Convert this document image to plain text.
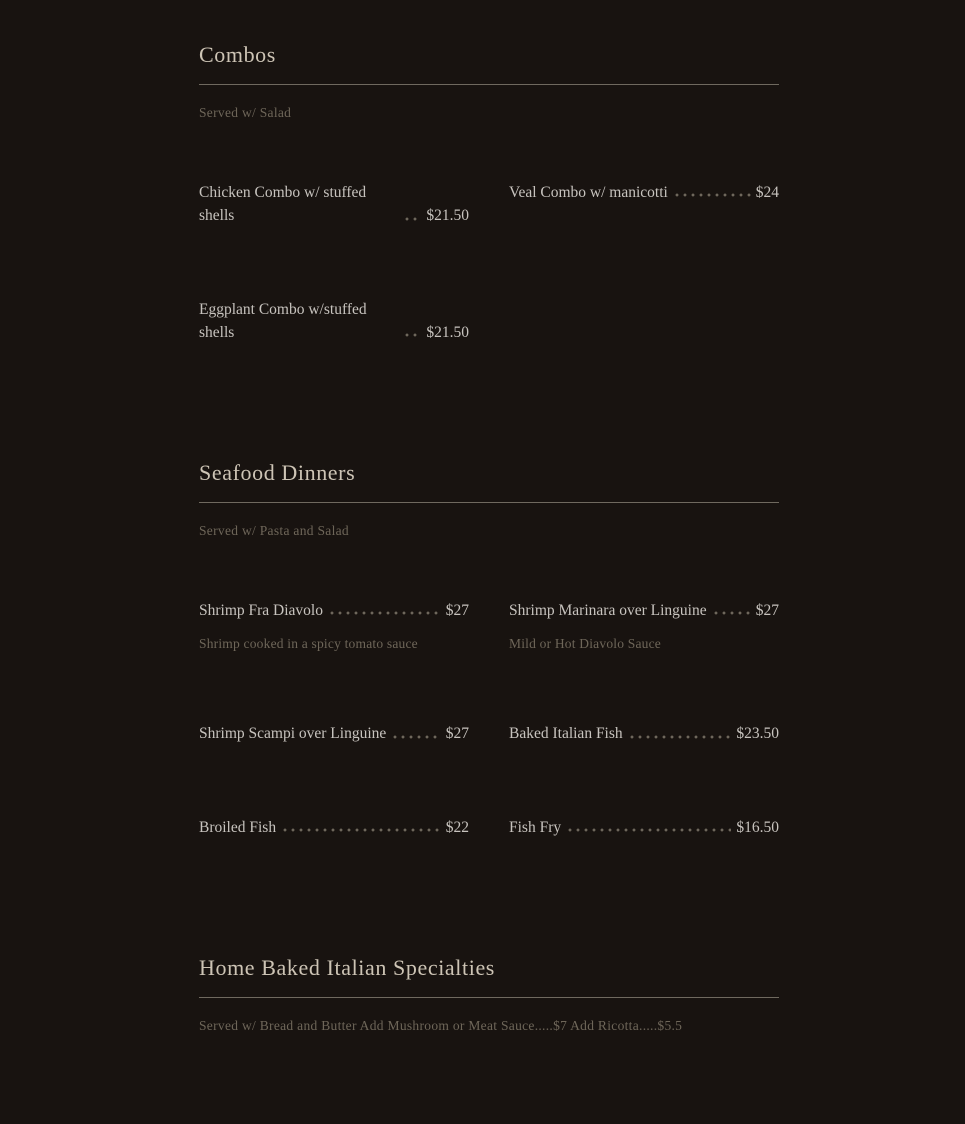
Combos

Served w/ Salad

Chicken Combo w/ stuffed shells	$21.50
Veal Combo w/ manicotti	$24
Eggplant Combo w/stuffed shells	$21.50
Seafood Dinners

Served w/ Pasta and Salad

Shrimp Fra Diavolo	$27

Shrimp cooked in a spicy tomato sauce

Shrimp Marinara over Linguine	$27

Mild or Hot Diavolo Sauce

Shrimp Scampi over Linguine	$27	Baked Italian Fish	$23.50
Broiled Fish	$22	Fish Fry	$16.50
Home Baked Italian Specialties

Served w/ Bread and Butter Add Mushroom or Meat Sauce.....$7 Add Ricotta.....$5.5
